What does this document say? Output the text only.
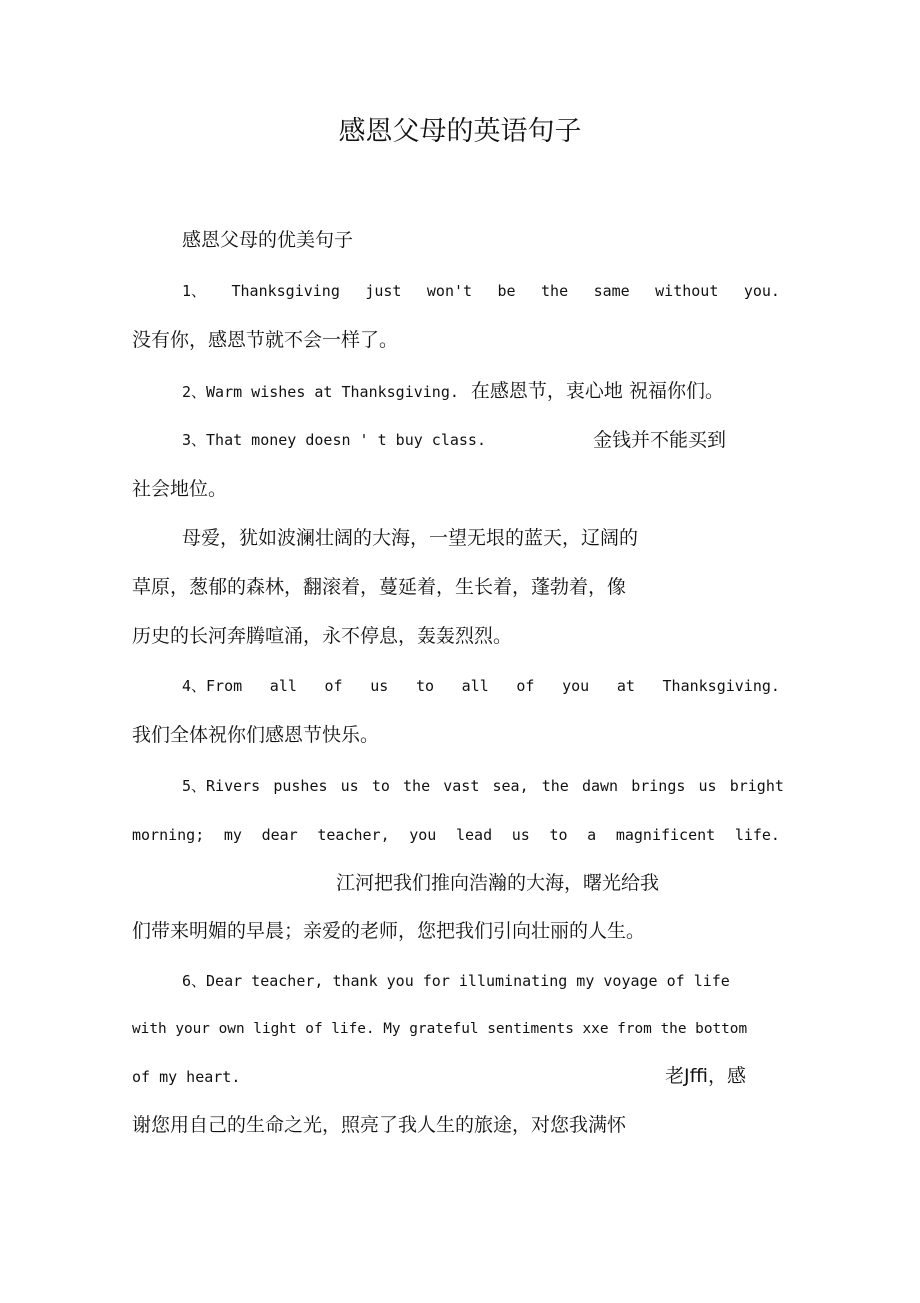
感恩父母的英语句子
感恩父母的优美句子
1、 Thanksgiving just won't be the same without you.
没有你，感恩节就不会一样了。
2、Warm wishes at Thanksgiving. 在感恩节，衷心地 祝福你们。
3、That money doesn ' t buy class.	金钱并不能买到
社会地位。
母爱，犹如波澜壮阔的大海，一望无垠的蓝天，辽阔的
草原，葱郁的森林，翻滚着，蔓延着，生长着，蓬勃着，像
历史的长河奔腾喧涌，永不停息，轰轰烈烈。
4、From all of us to all of you at Thanksgiving.
我们全体祝你们感恩节快乐。
5、Rivers pushes us to the vast sea, the dawn brings us bright
morning; my dear teacher, you lead us to a magnificent life.
江河把我们推向浩瀚的大海，曙光给我
们带来明媚的早晨；亲爱的老师，您把我们引向壮丽的人生。
6、Dear teacher, thank you for illuminating my voyage of life
with your own light of life. My grateful sentiments xxe from the bottom
of my heart.	老Jffi，感
谢您用自己的生命之光，照亮了我人生的旅途，对您我满怀
